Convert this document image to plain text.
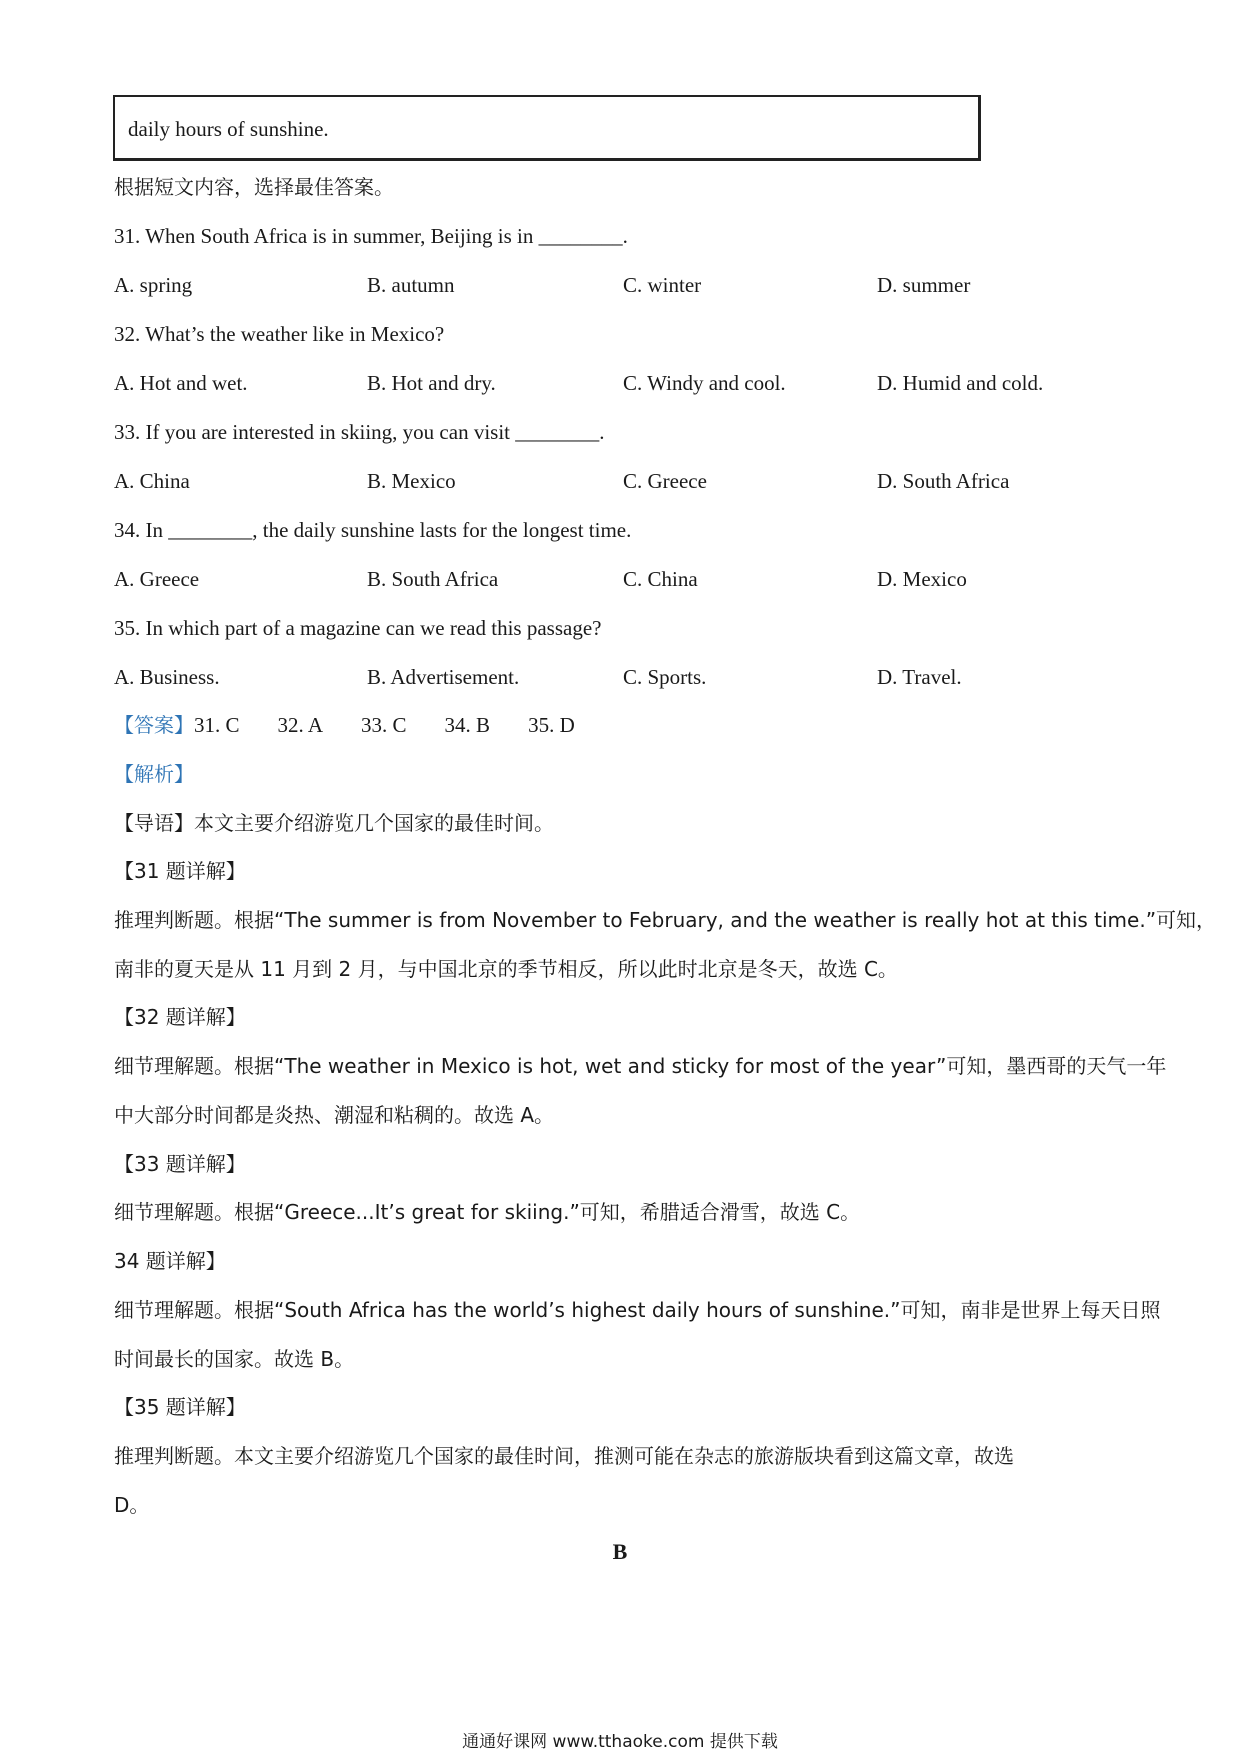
daily hours of sunshine.
根据短文内容，选择最佳答案。
31. When South Africa is in summer, Beijing is in ________.
A. spring	B. autumn	C. winter	D. summer
32. What’s the weather like in Mexico?
A. Hot and wet.	B. Hot and dry.	C. Windy and cool.	D. Humid and cold.
33. If you are interested in skiing, you can visit ________.
A. China	B. Mexico	C. Greece	D. South Africa
34. In ________, the daily sunshine lasts for the longest time.
A. Greece	B. South Africa	C. China	D. Mexico
35. In which part of a magazine can we read this passage?
A. Business.	B. Advertisement.	C. Sports.	D. Travel.
【答案】31. C 32. A 33. C 34. B 35. D
【解析】
【导语】本文主要介绍游览几个国家的最佳时间。
【31 题详解】
推理判断题。根据“The summer is from November to February, and the weather is really hot at this time.”可知，
南非的夏天是从 11 月到 2 月，与中国北京的季节相反，所以此时北京是冬天，故选 C。
【32 题详解】
细节理解题。根据“The weather in Mexico is hot, wet and sticky for most of the year”可知，墨西哥的天气一年
中大部分时间都是炎热、潮湿和粘稠的。故选 A。
【33 题详解】
细节理解题。根据“Greece...It’s great for skiing.”可知，希腊适合滑雪，故选 C。
34 题详解】
细节理解题。根据“South Africa has the world’s highest daily hours of sunshine.”可知，南非是世界上每天日照
时间最长的国家。故选 B。
【35 题详解】
推理判断题。本文主要介绍游览几个国家的最佳时间，推测可能在杂志的旅游版块看到这篇文章，故选
D。
B
通通好课网 www.tthaoke.com 提供下载
